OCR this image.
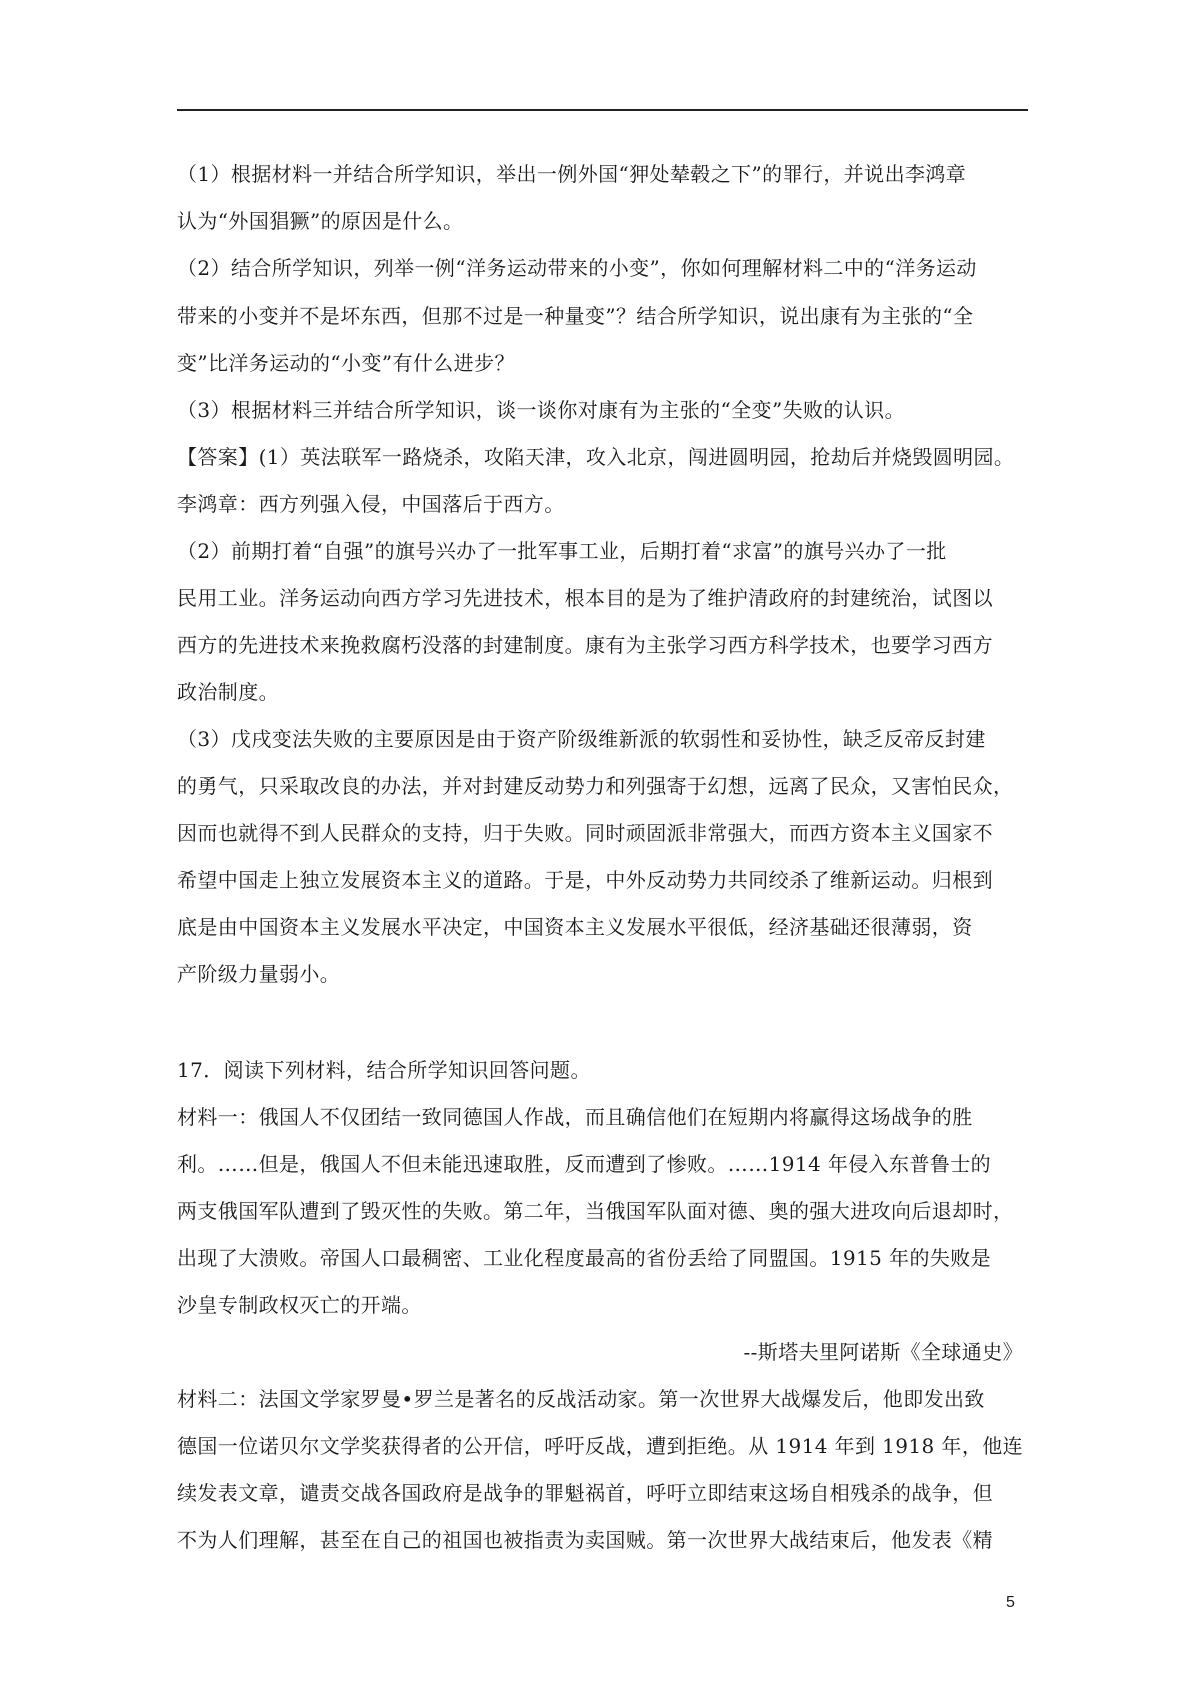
（1）根据材料一并结合所学知识，举出一例外国“狎处辇毂之下”的罪行，并说出李鸿章
认为“外国猖獗”的原因是什么。
（2）结合所学知识，列举一例“洋务运动带来的小变”，你如何理解材料二中的“洋务运动
带来的小变并不是坏东西，但那不过是一种量变”？结合所学知识，说出康有为主张的“全
变”比洋务运动的“小变”有什么进步？
（3）根据材料三并结合所学知识，谈一谈你对康有为主张的“全变”失败的认识。
【答案】(1）英法联军一路烧杀，攻陷天津，攻入北京，闯进圆明园，抢劫后并烧毁圆明园。
李鸿章：西方列强入侵，中国落后于西方。
（2）前期打着“自强”的旗号兴办了一批军事工业，后期打着“求富”的旗号兴办了一批
民用工业。洋务运动向西方学习先进技术，根本目的是为了维护清政府的封建统治，试图以
西方的先进技术来挽救腐朽没落的封建制度。康有为主张学习西方科学技术，也要学习西方
政治制度。
（3）戊戌变法失败的主要原因是由于资产阶级维新派的软弱性和妥协性，缺乏反帝反封建
的勇气，只采取改良的办法，并对封建反动势力和列强寄于幻想，远离了民众，又害怕民众，
因而也就得不到人民群众的支持，归于失败。同时顽固派非常强大，而西方资本主义国家不
希望中国走上独立发展资本主义的道路。于是，中外反动势力共同绞杀了维新运动。归根到
底是由中国资本主义发展水平决定，中国资本主义发展水平很低，经济基础还很薄弱，资
产阶级力量弱小。
17．阅读下列材料，结合所学知识回答问题。
材料一：俄国人不仅团结一致同德国人作战，而且确信他们在短期内将赢得这场战争的胜
利。……但是，俄国人不但未能迅速取胜，反而遭到了惨败。……1914 年侵入东普鲁士的
两支俄国军队遭到了毁灭性的失败。第二年，当俄国军队面对德、奥的强大进攻向后退却时，
出现了大溃败。帝国人口最稠密、工业化程度最高的省份丢给了同盟国。1915 年的失败是
沙皇专制政权灭亡的开端。
--斯塔夫里阿诺斯《全球通史》
材料二：法国文学家罗曼•罗兰是著名的反战活动家。第一次世界大战爆发后，他即发出致
德国一位诺贝尔文学奖获得者的公开信，呼吁反战，遭到拒绝。从 1914 年到 1918 年，他连
续发表文章，谴责交战各国政府是战争的罪魁祸首，呼吁立即结束这场自相残杀的战争，但
不为人们理解，甚至在自己的祖国也被指责为卖国贼。第一次世界大战结束后，他发表《精
5
